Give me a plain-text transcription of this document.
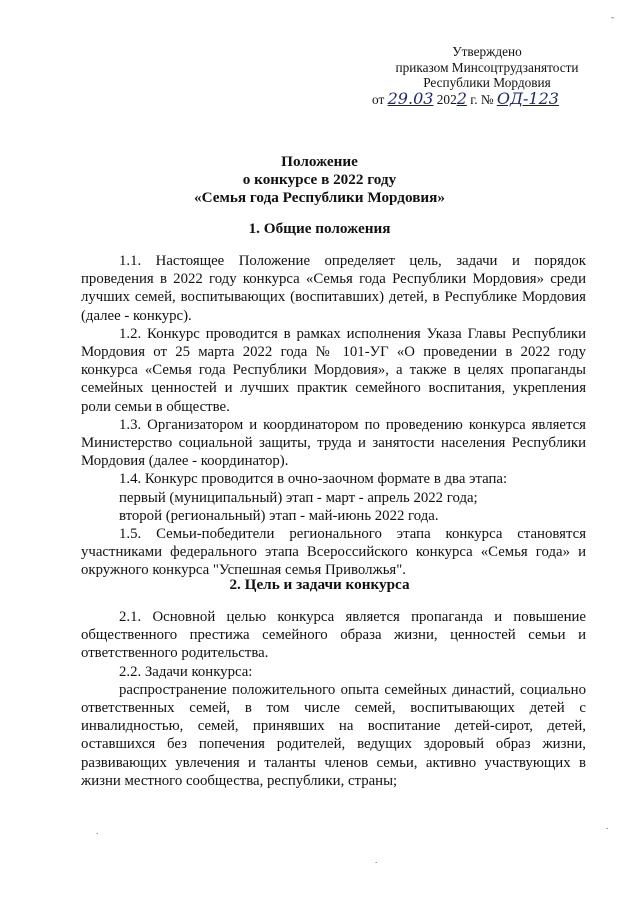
Утверждено
приказом Минсоцтрудзанятости
Республики Мордовия
от 29.03 2022 г. № ОД-123
Положение
о конкурсе в 2022 году
«Семья года Республики Мордовия»
1. Общие положения

1.1. Настоящее Положение определяет цель, задачи и порядок проведения в 2022 году конкурса «Семья года Республики Мордовия» среди лучших семей, воспитывающих (воспитавших) детей, в Республике Мордовия (далее - конкурс).

1.2. Конкурс проводится в рамках исполнения Указа Главы Республики Мордовия от 25 марта 2022 года № 101-УГ «О проведении в 2022 году конкурса «Семья года Республики Мордовия», а также в целях пропаганды семейных ценностей и лучших практик семейного воспитания, укрепления роли семьи в обществе.

1.3. Организатором и координатором по проведению конкурса является Министерство социальной защиты, труда и занятости населения Республики Мордовия (далее - координатор).

1.4. Конкурс проводится в очно-заочном формате в два этапа:

первый (муниципальный) этап - март - апрель 2022 года;

второй (региональный) этап - май-июнь 2022 года.

1.5. Семьи-победители регионального этапа конкурса становятся участниками федерального этапа Всероссийского конкурса «Семья года» и окружного конкурса "Успешная семья Приволжья".

2. Цель и задачи конкурса

2.1. Основной целью конкурса является пропаганда и повышение общественного престижа семейного образа жизни, ценностей семьи и ответственного родительства.

2.2. Задачи конкурса:

распространение положительного опыта семейных династий, социально ответственных семей, в том числе семей, воспитывающих детей с инвалидностью, семей, принявших на воспитание детей-сирот, детей, оставшихся без попечения родителей, ведущих здоровый образ жизни, развивающих увлечения и таланты членов семьи, активно участвующих в жизни местного сообщества, республики, страны;

-
.
.
.
